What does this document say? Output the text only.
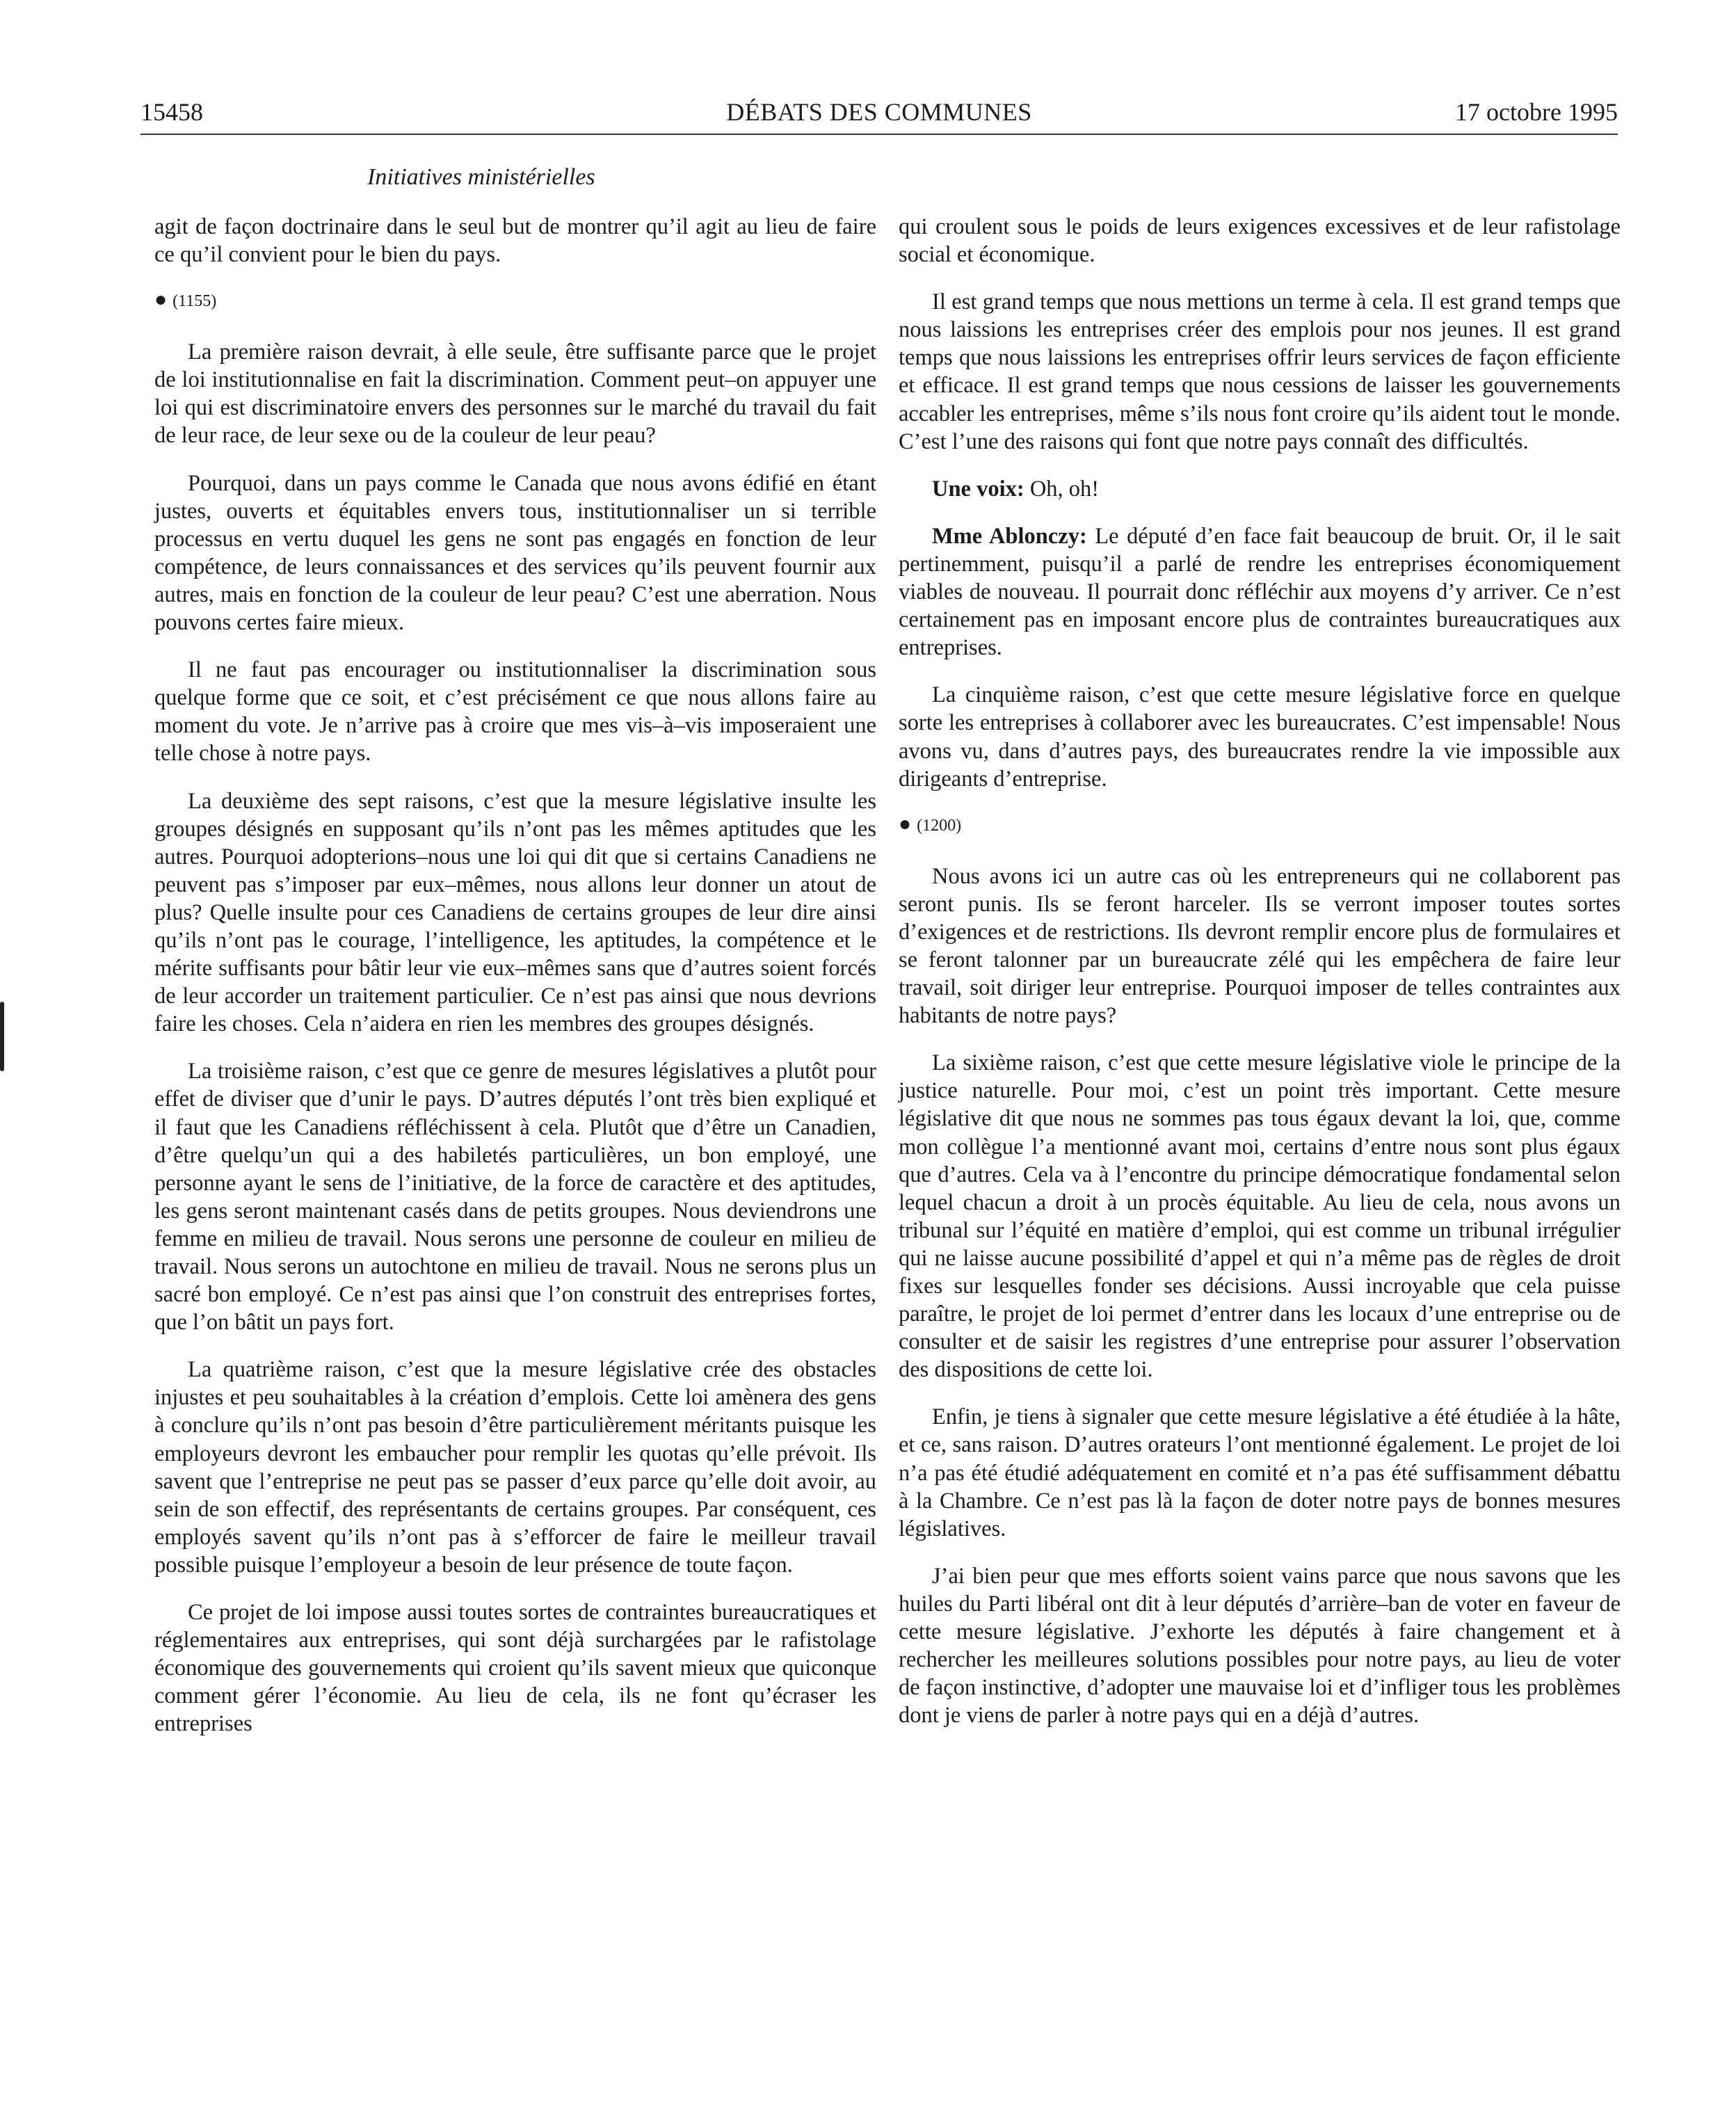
15458	DÉBATS DES COMMUNES	17 octobre 1995

Initiatives ministérielles

agit de façon doctrinaire dans le seul but de montrer qu’il agit au lieu de faire ce qu’il convient pour le bien du pays.

● (1155)

La première raison devrait, à elle seule, être suffisante parce que le projet de loi institutionnalise en fait la discrimination. Comment peut–on appuyer une loi qui est discriminatoire envers des personnes sur le marché du travail du fait de leur race, de leur sexe ou de la couleur de leur peau?

Pourquoi, dans un pays comme le Canada que nous avons édifié en étant justes, ouverts et équitables envers tous, institutionnaliser un si terrible processus en vertu duquel les gens ne sont pas engagés en fonction de leur compétence, de leurs connaissances et des services qu’ils peuvent fournir aux autres, mais en fonction de la couleur de leur peau? C’est une aberration. Nous pouvons certes faire mieux.

Il ne faut pas encourager ou institutionnaliser la discrimination sous quelque forme que ce soit, et c’est précisément ce que nous allons faire au moment du vote. Je n’arrive pas à croire que mes vis–à–vis imposeraient une telle chose à notre pays.

La deuxième des sept raisons, c’est que la mesure législative insulte les groupes désignés en supposant qu’ils n’ont pas les mêmes aptitudes que les autres. Pourquoi adopterions–nous une loi qui dit que si certains Canadiens ne peuvent pas s’imposer par eux–mêmes, nous allons leur donner un atout de plus? Quelle insulte pour ces Canadiens de certains groupes de leur dire ainsi qu’ils n’ont pas le courage, l’intelligence, les aptitudes, la compétence et le mérite suffisants pour bâtir leur vie eux–mêmes sans que d’autres soient forcés de leur accorder un traitement particulier. Ce n’est pas ainsi que nous devrions faire les choses. Cela n’aidera en rien les membres des groupes désignés.

La troisième raison, c’est que ce genre de mesures législatives a plutôt pour effet de diviser que d’unir le pays. D’autres députés l’ont très bien expliqué et il faut que les Canadiens réfléchissent à cela. Plutôt que d’être un Canadien, d’être quelqu’un qui a des habiletés particulières, un bon employé, une personne ayant le sens de l’initiative, de la force de caractère et des aptitudes, les gens seront maintenant casés dans de petits groupes. Nous deviendrons une femme en milieu de travail. Nous serons une personne de couleur en milieu de travail. Nous serons un autochtone en milieu de travail. Nous ne serons plus un sacré bon employé. Ce n’est pas ainsi que l’on construit des entreprises fortes, que l’on bâtit un pays fort.

La quatrième raison, c’est que la mesure législative crée des obstacles injustes et peu souhaitables à la création d’emplois. Cette loi amènera des gens à conclure qu’ils n’ont pas besoin d’être particulièrement méritants puisque les employeurs devront les embaucher pour remplir les quotas qu’elle prévoit. Ils savent que l’entreprise ne peut pas se passer d’eux parce qu’elle doit avoir, au sein de son effectif, des représentants de certains groupes. Par conséquent, ces employés savent qu’ils n’ont pas à s’efforcer de faire le meilleur travail possible puisque l’employeur a besoin de leur présence de toute façon.

Ce projet de loi impose aussi toutes sortes de contraintes bureaucratiques et réglementaires aux entreprises, qui sont déjà surchargées par le rafistolage économique des gouvernements qui croient qu’ils savent mieux que quiconque comment gérer l’économie. Au lieu de cela, ils ne font qu’écraser les entreprises

qui croulent sous le poids de leurs exigences excessives et de leur rafistolage social et économique.

Il est grand temps que nous mettions un terme à cela. Il est grand temps que nous laissions les entreprises créer des emplois pour nos jeunes. Il est grand temps que nous laissions les entreprises offrir leurs services de façon efficiente et efficace. Il est grand temps que nous cessions de laisser les gouvernements accabler les entreprises, même s’ils nous font croire qu’ils aident tout le monde. C’est l’une des raisons qui font que notre pays connaît des difficultés.

Une voix: Oh, oh!

Mme Ablonczy: Le député d’en face fait beaucoup de bruit. Or, il le sait pertinemment, puisqu’il a parlé de rendre les entreprises économiquement viables de nouveau. Il pourrait donc réfléchir aux moyens d’y arriver. Ce n’est certainement pas en imposant encore plus de contraintes bureaucratiques aux entreprises.

La cinquième raison, c’est que cette mesure législative force en quelque sorte les entreprises à collaborer avec les bureaucrates. C’est impensable! Nous avons vu, dans d’autres pays, des bureaucrates rendre la vie impossible aux dirigeants d’entreprise.

● (1200)

Nous avons ici un autre cas où les entrepreneurs qui ne collaborent pas seront punis. Ils se feront harceler. Ils se verront imposer toutes sortes d’exigences et de restrictions. Ils devront remplir encore plus de formulaires et se feront talonner par un bureaucrate zélé qui les empêchera de faire leur travail, soit diriger leur entreprise. Pourquoi imposer de telles contraintes aux habitants de notre pays?

La sixième raison, c’est que cette mesure législative viole le principe de la justice naturelle. Pour moi, c’est un point très important. Cette mesure législative dit que nous ne sommes pas tous égaux devant la loi, que, comme mon collègue l’a mentionné avant moi, certains d’entre nous sont plus égaux que d’autres. Cela va à l’encontre du principe démocratique fondamental selon lequel chacun a droit à un procès équitable. Au lieu de cela, nous avons un tribunal sur l’équité en matière d’emploi, qui est comme un tribunal irrégulier qui ne laisse aucune possibilité d’appel et qui n’a même pas de règles de droit fixes sur lesquelles fonder ses décisions. Aussi incroyable que cela puisse paraître, le projet de loi permet d’entrer dans les locaux d’une entreprise ou de consulter et de saisir les registres d’une entreprise pour assurer l’observation des dispositions de cette loi.

Enfin, je tiens à signaler que cette mesure législative a été étudiée à la hâte, et ce, sans raison. D’autres orateurs l’ont mentionné également. Le projet de loi n’a pas été étudié adéquatement en comité et n’a pas été suffisamment débattu à la Chambre. Ce n’est pas là la façon de doter notre pays de bonnes mesures législatives.

J’ai bien peur que mes efforts soient vains parce que nous savons que les huiles du Parti libéral ont dit à leur députés d’arrière–ban de voter en faveur de cette mesure législative. J’exhorte les députés à faire changement et à rechercher les meilleures solutions possibles pour notre pays, au lieu de voter de façon instinctive, d’adopter une mauvaise loi et d’infliger tous les problèmes dont je viens de parler à notre pays qui en a déjà d’autres.
